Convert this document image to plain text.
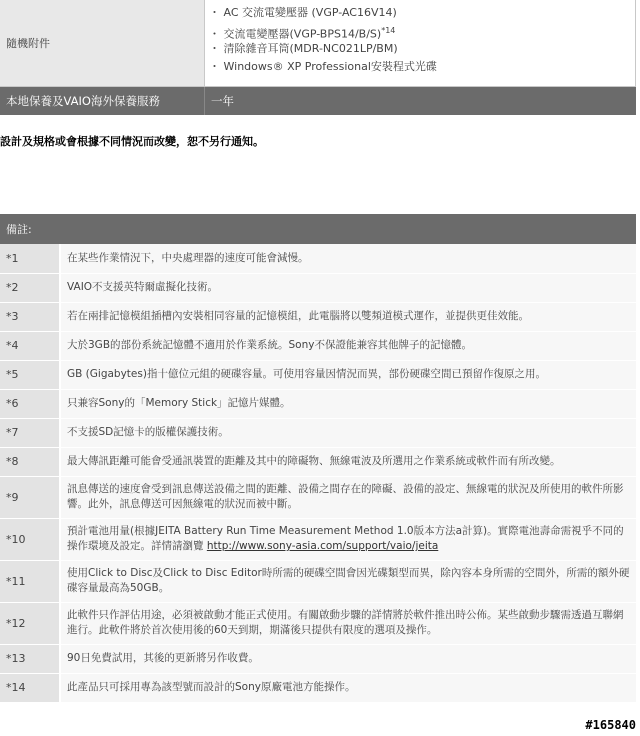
隨機附件	・ AC 交流電變壓器 (VGP-AC16V14)
・ 交流電變壓器$(VGP-BPS14/B/S)^{*14}$
・ 清除雜音耳筒(MDR-NC021LP/BM)
・ Windows® XP Professional安裝程式光碟

本地保養及VAIO海外保養服務	一年
設計及規格或會根據不同情況而改變，恕不另行通知。
備註:	
*1	在某些作業情況下，中央處理器的速度可能會減慢。
*2	VAIO不支援英特爾虛擬化技術。
*3	若在兩排記憶模組插槽內安裝相同容量的記憶模組，此電腦將以雙頻道模式運作，並提供更佳效能。
*4	大於3GB的部份系統記憶體不適用於作業系統。Sony不保證能兼容其他牌子的記憶體。
*5	GB (Gigabytes)指十億位元組的硬碟容量。可使用容量因情況而異，部份硬碟空間已預留作復原之用。
*6	只兼容Sony的「Memory Stick」記憶片媒體。
*7	不支援SD記憶卡的版權保護技術。
*8	最大傳訊距離可能會受通訊裝置的距離及其中的障礙物、無線電波及所選用之作業系統或軟件而有所改變。
*9	訊息傳送的速度會受到訊息傳送設備之間的距離、設備之間存在的障礙、設備的設定、無線電的狀況及所使用的軟件所影響。此外，訊息傳送可因無線電的狀況而被中斷。
*10	預計電池用量(根據JEITA Battery Run Time Measurement Method 1.0版本方法a計算)。實際電池壽命需視乎不同的操作環境及設定。詳情請瀏覽 http://www.sony-asia.com/support/vaio/jeita
*11	使用Click to Disc及Click to Disc Editor時所需的硬碟空間會因光碟類型而異，除內容本身所需的空間外，所需的額外硬碟容量最高為50GB。
*12	此軟件只作評估用途，必須被啟動才能正式使用。有關啟動步驟的詳情將於軟件推出時公佈。某些啟動步驟需透過互聯網進行。此軟件將於首次使用後的60天到期，期滿後只提供有限度的選項及操作。
*13	90日免費試用，其後的更新將另作收費。
*14	此產品只可採用專為該型號而設計的Sony原廠電池方能操作。
#165840
